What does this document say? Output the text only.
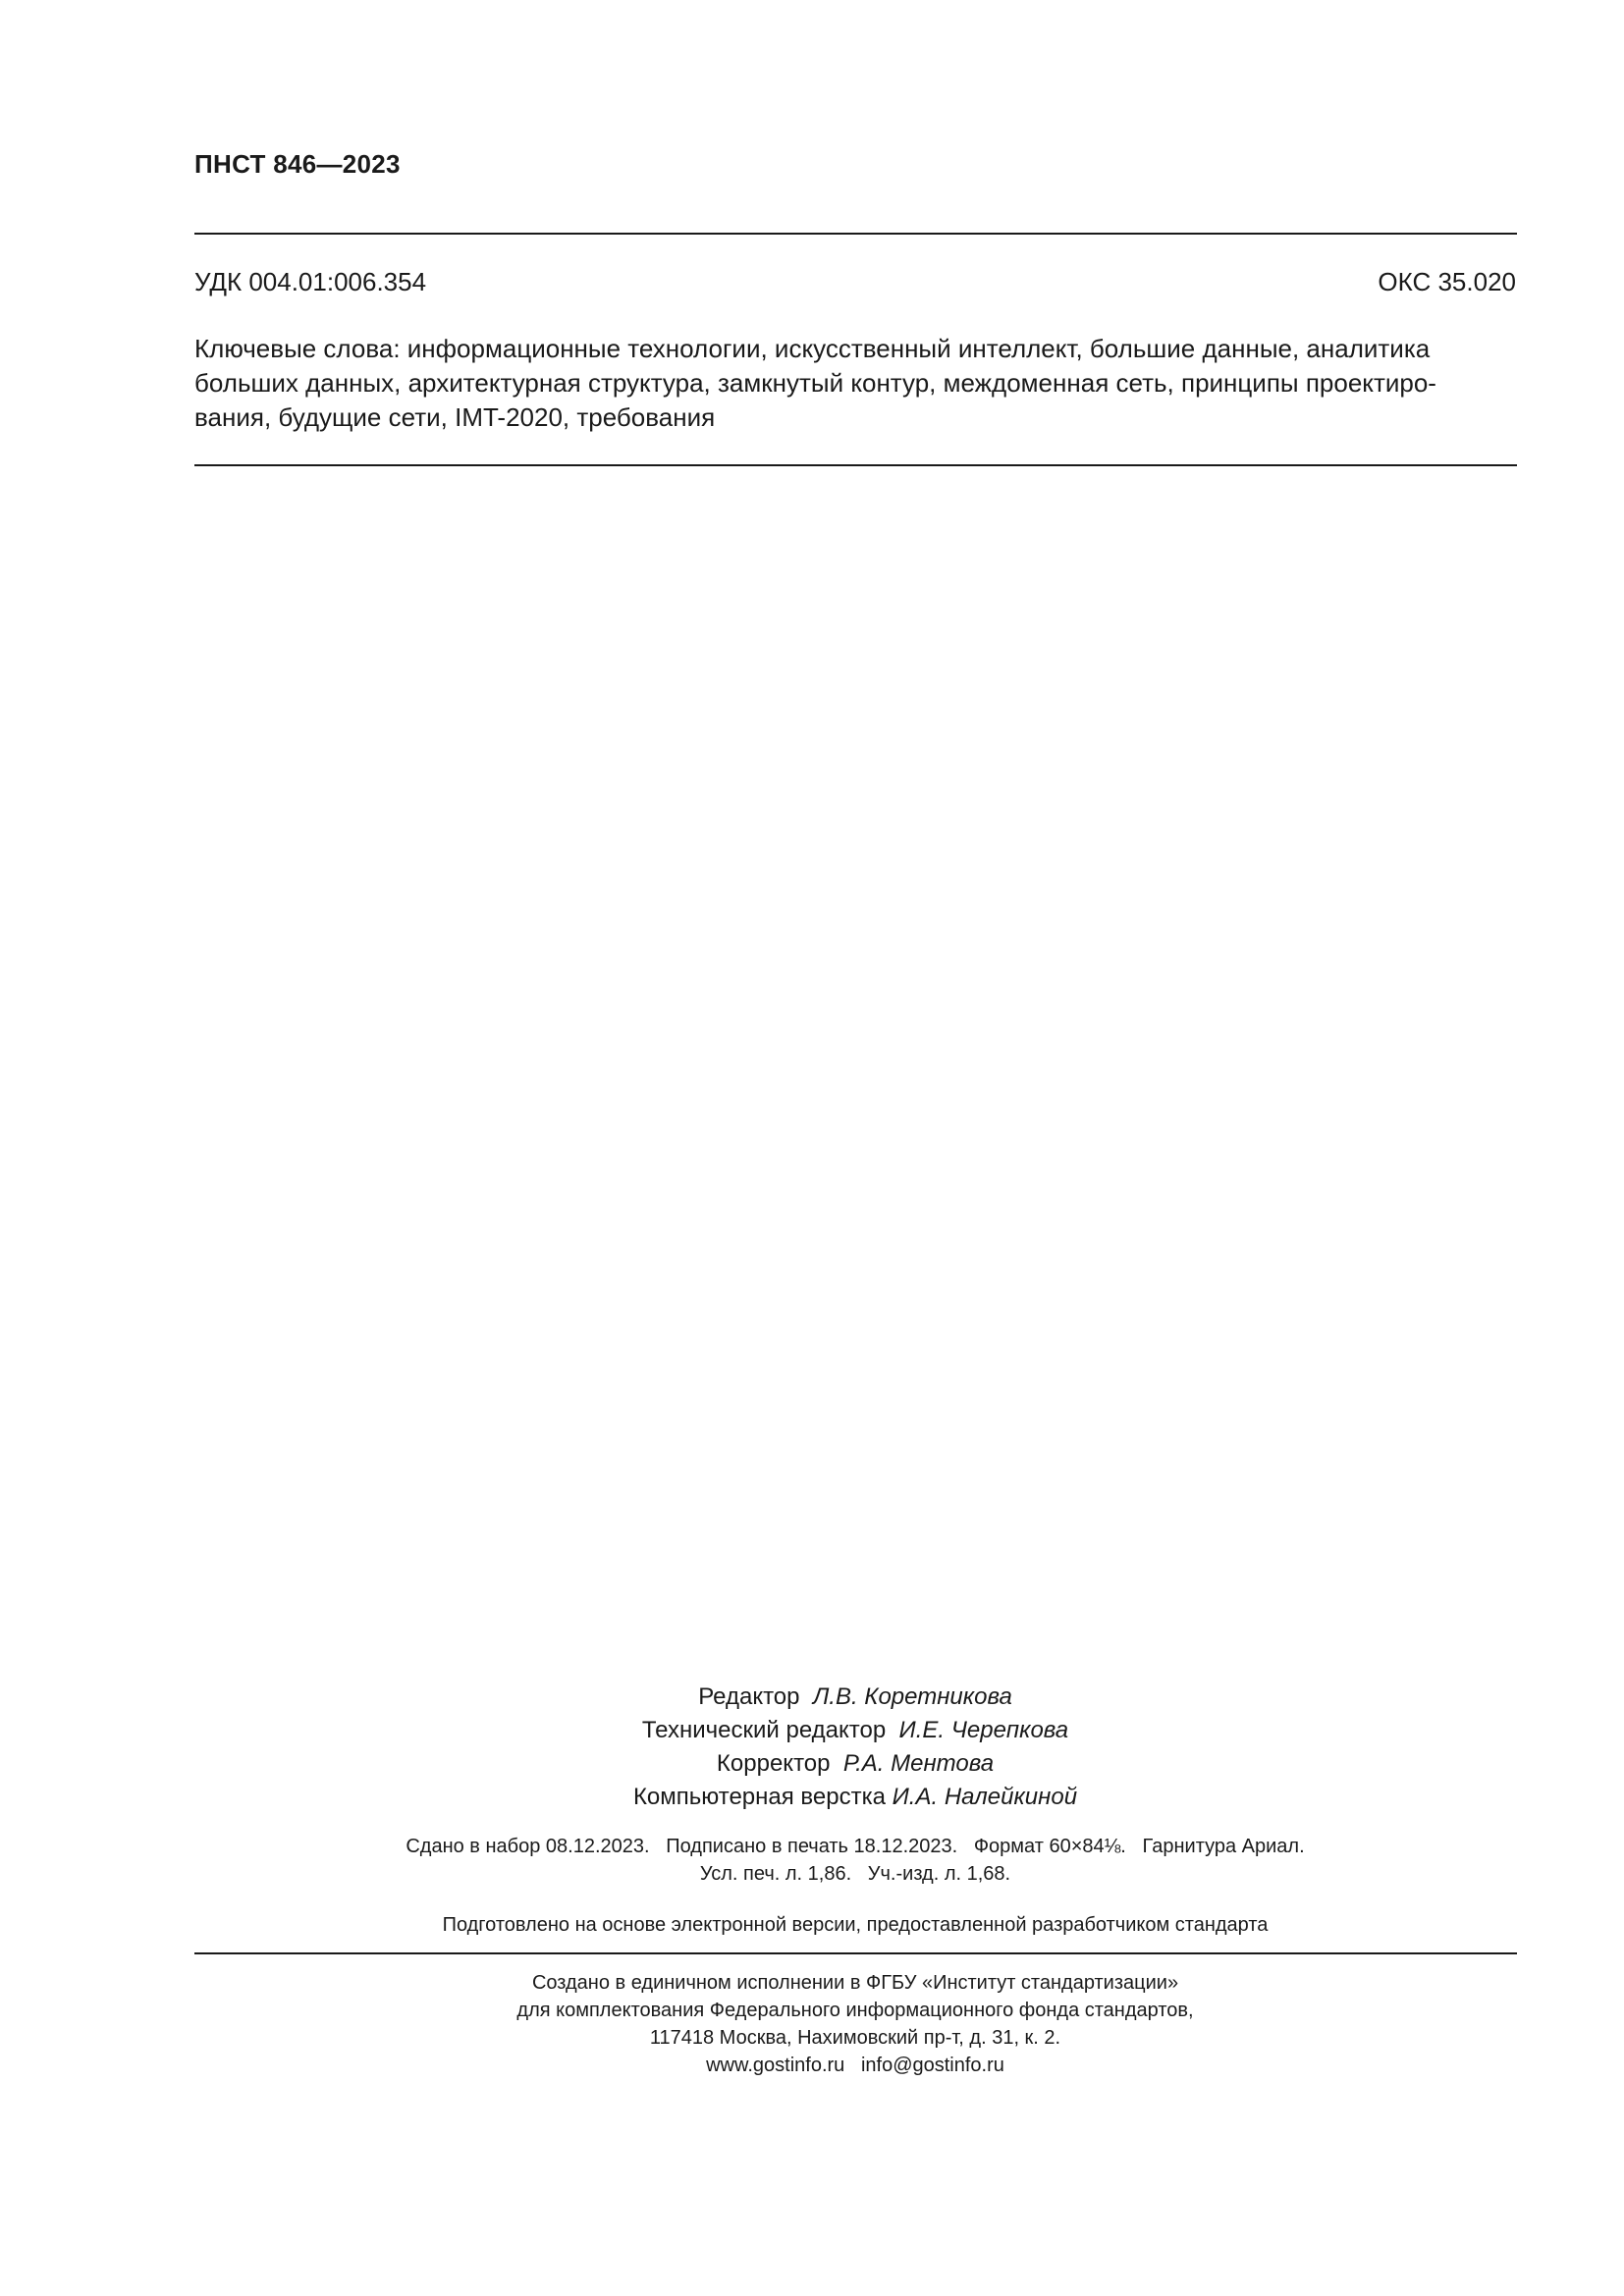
ПНСТ 846—2023
УДК 004.01:006.354	ОКС 35.020
Ключевые слова: информационные технологии, искусственный интеллект, большие данные, аналитика
больших данных, архитектурная структура, замкнутый контур, междоменная сеть, принципы проектиро-
вания, будущие сети, IMT-2020, требования
Редактор Л.В. Коретникова
Технический редактор И.Е. Черепкова
Корректор Р.А. Ментова
Компьютерная верстка И.А. Налейкиной
Сдано в набор 08.12.2023.   Подписано в печать 18.12.2023.   Формат 60×84⅛.   Гарнитура Ариал.
Усл. печ. л. 1,86.   Уч.-изд. л. 1,68.
Подготовлено на основе электронной версии, предоставленной разработчиком стандарта
Создано в единичном исполнении в ФГБУ «Институт стандартизации»
для комплектования Федерального информационного фонда стандартов,
117418 Москва, Нахимовский пр-т, д. 31, к. 2.
www.gostinfo.ru   info@gostinfo.ru
